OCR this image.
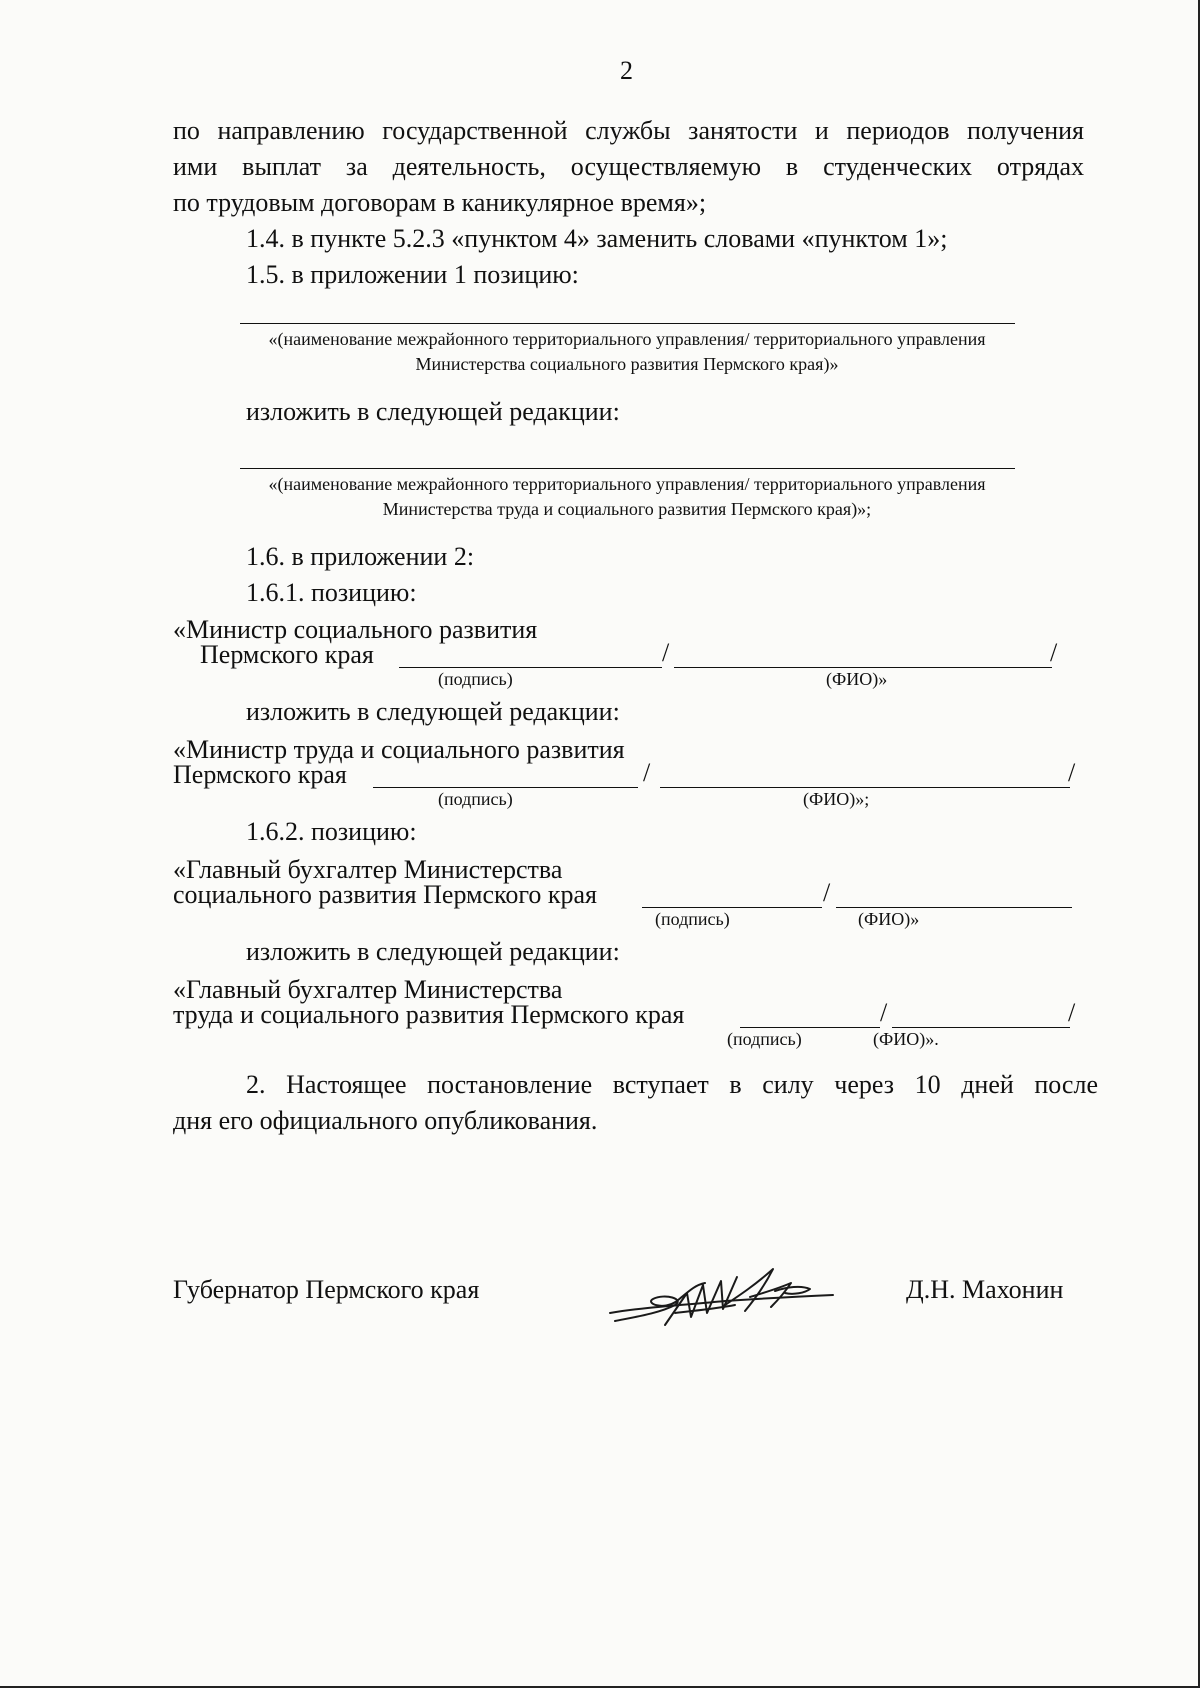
2
по направлению государственной службы занятости и периодов получения
ими выплат за деятельность, осуществляемую в студенческих отрядах
по трудовым договорам в каникулярное время»;
1.4. в пункте 5.2.3 «пунктом 4» заменить словами «пунктом 1»;
1.5. в приложении 1 позицию:
«(наименование межрайонного территориального управления/ территориального управления
Министерства социального развития Пермского края)»
изложить в следующей редакции:
«(наименование межрайонного территориального управления/ территориального управления
Министерства труда и социального развития Пермского края)»;
1.6. в приложении 2:
1.6.1. позицию:
«Министр социального развития
Пермского края	/	/
(подпись)	(ФИО)»
изложить в следующей редакции:
«Министр труда и социального развития
Пермского края	/	/
(подпись)	(ФИО)»;
1.6.2. позицию:
«Главный бухгалтер Министерства
социального развития Пермского края	/
(подпись)	(ФИО)»
изложить в следующей редакции:
«Главный бухгалтер Министерства
труда и социального развития Пермского края	/	/
(подпись)	(ФИО)».
2. Настоящее постановление вступает в силу через 10 дней после
дня его официального опубликования.
Губернатор Пермского края	Д.Н. Махонин
